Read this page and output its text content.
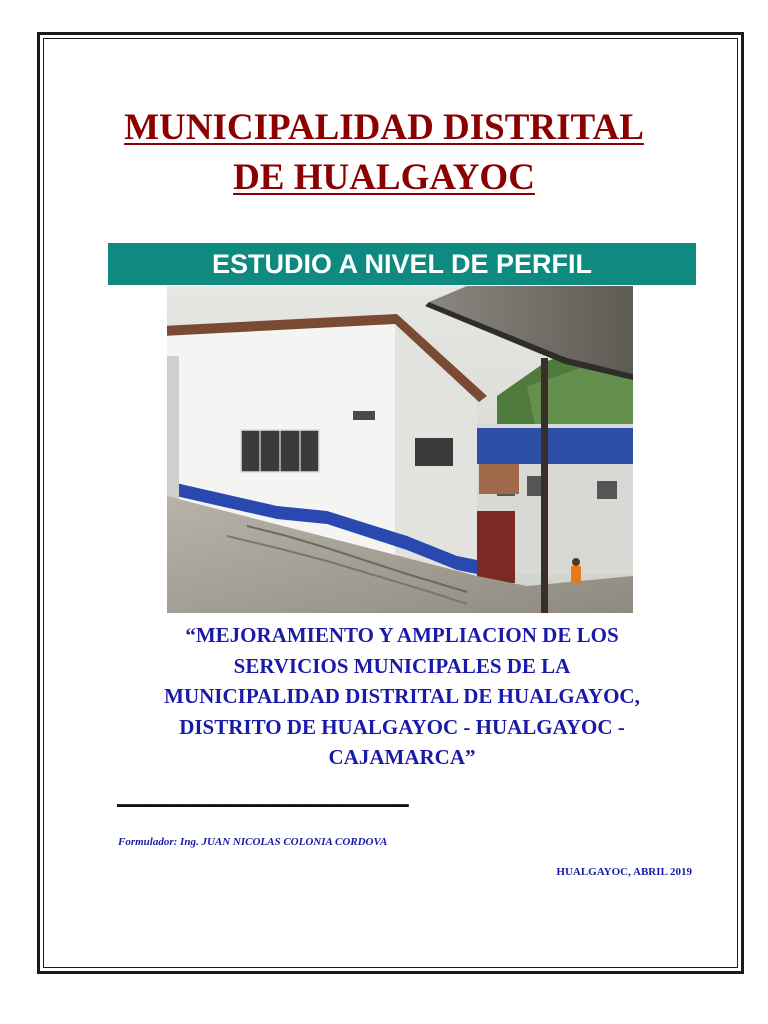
MUNICIPALIDAD DISTRITAL
DE HUALGAYOC
ESTUDIO A NIVEL DE PERFIL
“MEJORAMIENTO Y AMPLIACION DE LOS
SERVICIOS MUNICIPALES DE LA
MUNICIPALIDAD DISTRITAL DE HUALGAYOC,
DISTRITO DE HUALGAYOC - HUALGAYOC -
CAJAMARCA”
------------------------------------------------------
Formulador: Ing. JUAN NICOLAS COLONIA CORDOVA
HUALGAYOC, ABRIL 2019
